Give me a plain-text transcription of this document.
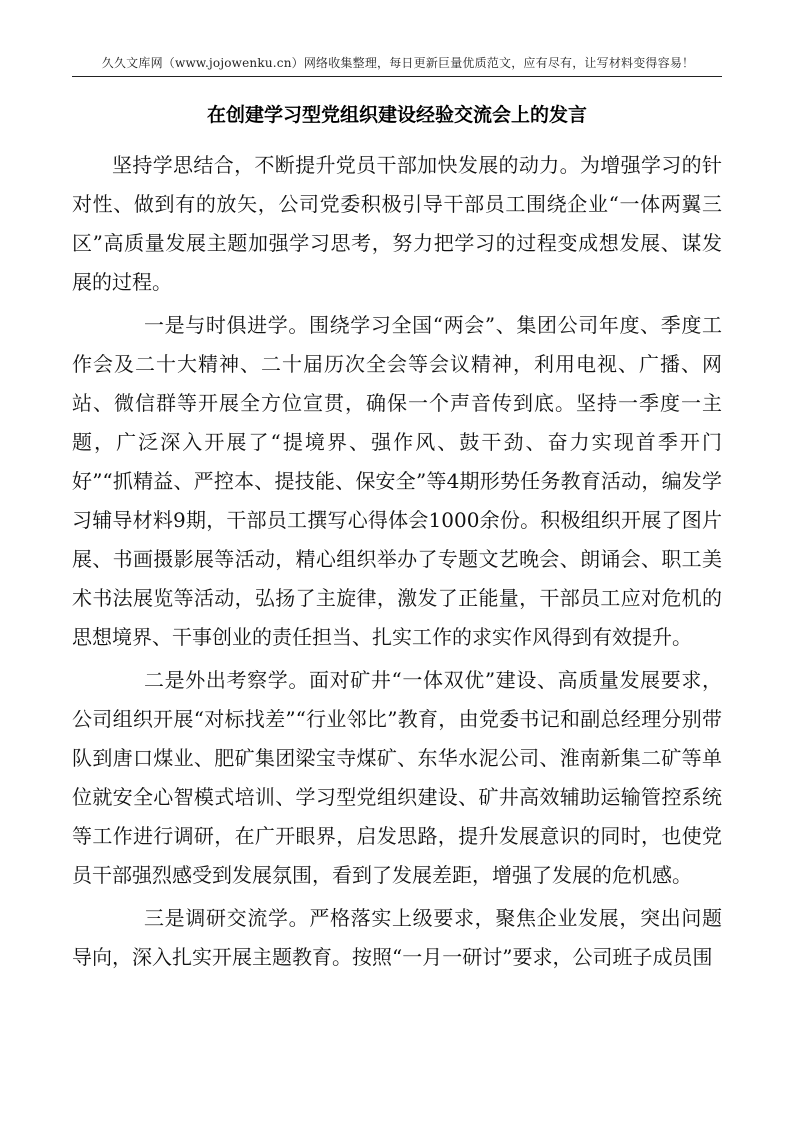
久久文库网（www.jojowenku.cn）网络收集整理，每日更新巨量优质范文，应有尽有，让写材料变得容易！
在创建学习型党组织建设经验交流会上的发言

坚持学思结合，不断提升党员干部加快发展的动力。为增强学习的针对性、做到有的放矢，公司党委积极引导干部员工围绕企业“一体两翼三区”高质量发展主题加强学习思考，努力把学习的过程变成想发展、谋发展的过程。

一是与时俱进学。围绕学习全国“两会”、集团公司年度、季度工作会及二十大精神、二十届历次全会等会议精神，利用电视、广播、网站、微信群等开展全方位宣贯，确保一个声音传到底。坚持一季度一主题，广泛深入开展了“提境界、强作风、鼓干劲、奋力实现首季开门好”“抓精益、严控本、提技能、保安全”等4期形势任务教育活动，编发学习辅导材料9期，干部员工撰写心得体会1000余份。积极组织开展了图片展、书画摄影展等活动，精心组织举办了专题文艺晚会、朗诵会、职工美术书法展览等活动，弘扬了主旋律，激发了正能量，干部员工应对危机的思想境界、干事创业的责任担当、扎实工作的求实作风得到有效提升。

二是外出考察学。面对矿井“一体双优”建设、高质量发展要求，公司组织开展“对标找差”“行业邻比”教育，由党委书记和副总经理分别带队到唐口煤业、肥矿集团梁宝寺煤矿、东华水泥公司、淮南新集二矿等单位就安全心智模式培训、学习型党组织建设、矿井高效辅助运输管控系统等工作进行调研，在广开眼界，启发思路，提升发展意识的同时，也使党员干部强烈感受到发展氛围，看到了发展差距，增强了发展的危机感。

三是调研交流学。严格落实上级要求，聚焦企业发展，突出问题导向，深入扎实开展主题教育。按照“一月一研讨”要求，公司班子成员围
